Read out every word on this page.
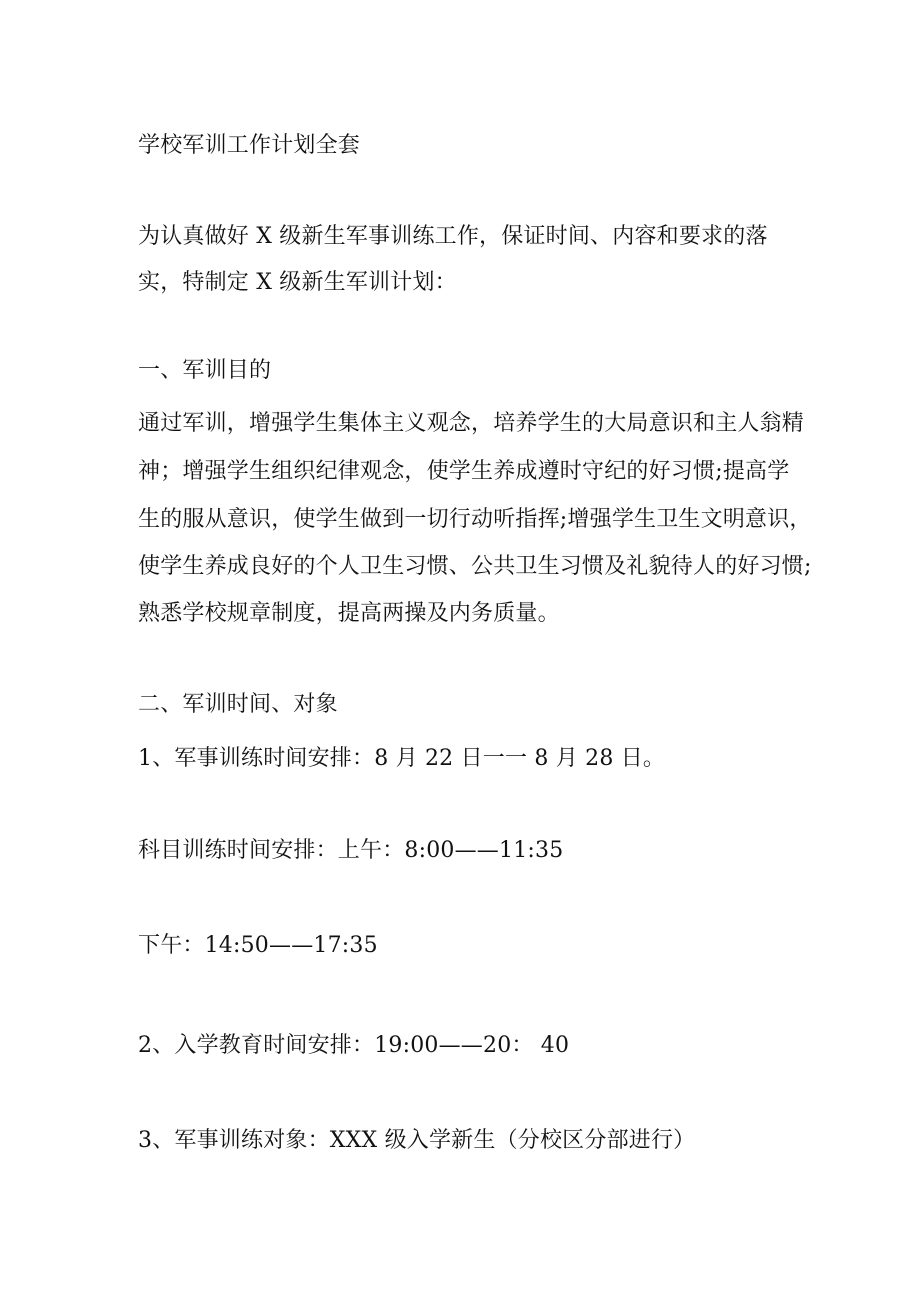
学校军训工作计划全套
为认真做好 X 级新生军事训练工作，保证时间、内容和要求的落
实，特制定 X 级新生军训计划：
一、军训目的
通过军训，增强学生集体主义观念，培养学生的大局意识和主人翁精
神；增强学生组织纪律观念，使学生养成遵时守纪的好习惯;提高学
生的服从意识，使学生做到一切行动听指挥;增强学生卫生文明意识，
使学生养成良好的个人卫生习惯、公共卫生习惯及礼貌待人的好习惯;
熟悉学校规章制度，提高两操及内务质量。
二、军训时间、对象
1、军事训练时间安排：8 月 22 日一一 8 月 28 日。
科目训练时间安排：上午：8:00——11:35
下午：14:50——17:35
2、入学教育时间安排：19:00——20： 40
3、军事训练对象：XXX 级入学新生（分校区分部进行）
